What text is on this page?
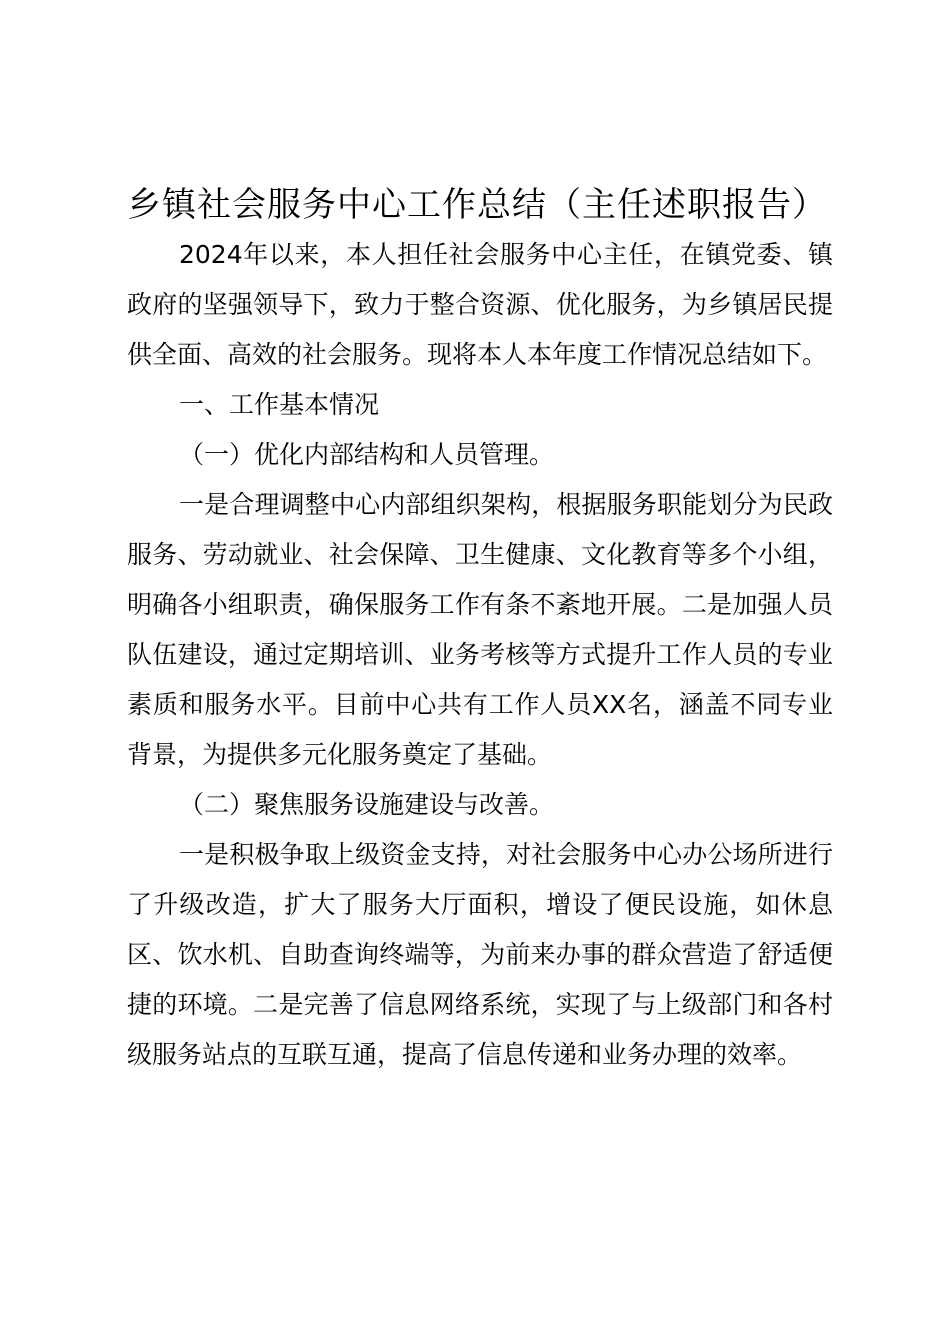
乡镇社会服务中心工作总结（主任述职报告）

2024年以来，本人担任社会服务中心主任，在镇党委、镇政府的坚强领导下，致力于整合资源、优化服务，为乡镇居民提供全面、高效的社会服务。现将本人本年度工作情况总结如下。

一、工作基本情况

（一）优化内部结构和人员管理。

一是合理调整中心内部组织架构，根据服务职能划分为民政服务、劳动就业、社会保障、卫生健康、文化教育等多个小组，明确各小组职责，确保服务工作有条不紊地开展。二是加强人员队伍建设，通过定期培训、业务考核等方式提升工作人员的专业素质和服务水平。目前中心共有工作人员XX名，涵盖不同专业背景，为提供多元化服务奠定了基础。

（二）聚焦服务设施建设与改善。

一是积极争取上级资金支持，对社会服务中心办公场所进行了升级改造，扩大了服务大厅面积，增设了便民设施，如休息区、饮水机、自助查询终端等，为前来办事的群众营造了舒适便捷的环境。二是完善了信息网络系统，实现了与上级部门和各村级服务站点的互联互通，提高了信息传递和业务办理的效率。
